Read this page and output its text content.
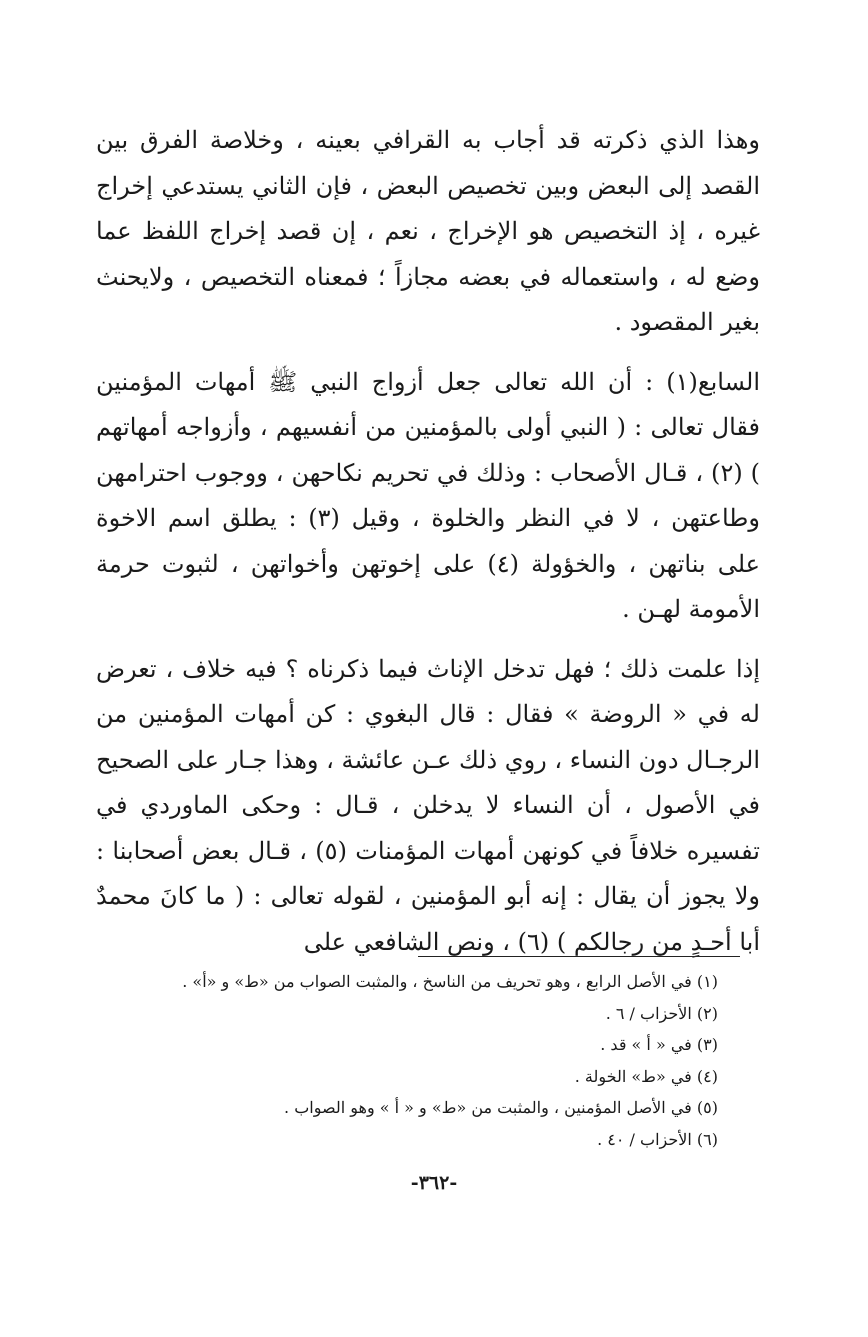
وهذا الذي ذكرته قد أجاب به القرافي بعينه ، وخلاصة الفرق بين القصد إلى البعض وبين تخصيص البعض ، فإن الثاني يستدعي إخراج غيره ، إذ التخصيص هو الإخراج ، نعم ، إن قصد إخراج اللفظ عما وضع له ، واستعماله في بعضه مجازاً ؛ فمعناه التخصيص ، ولايحنث بغير المقصود .

السابع(١) : أن الله تعالى جعل أزواج النبي ﷺ أمهات المؤمنين فقال تعالى : ( النبي أولى بالمؤمنين من أنفسيهم ، وأزواجه أمهاتهم ) (٢) ، قـال الأصحاب : وذلك في تحريم نكاحهن ، ووجوب احترامهن وطاعتهن ، لا في النظر والخلوة ، وقيل (٣) : يطلق اسم الاخوة على بناتهن ، والخؤولة (٤) على إخوتهن وأخواتهن ، لثبوت حرمة الأمومة لهـن .

إذا علمت ذلك ؛ فهل تدخل الإناث فيما ذكرناه ؟ فيه خلاف ، تعرض له في « الروضة » فقال : قال البغوي : كن أمهات المؤمنين من الرجـال دون النساء ، روي ذلك عـن عائشة ، وهذا جـار على الصحيح في الأصول ، أن النساء لا يدخلن ، قـال : وحكى الماوردي في تفسيره خلافاً في كونهن أمهات المؤمنات (٥) ، قـال بعض أصحابنا : ولا يجوز أن يقال : إنه أبو المؤمنين ، لقوله تعالى : ( ما كانَ محمدٌ أبا أحـدٍ من رجالكم ) (٦) ، ونص الشافعي على

(١) في الأصل الرابع ، وهو تحريف من الناسخ ، والمثبت الصواب من «ط» و «أ» .
(٢) الأحزاب / ٦ .
(٣) في « أ » قد .
(٤) في «ط» الخولة .
(٥) في الأصل المؤمنين ، والمثبت من «ط» و « أ » وهو الصواب .
(٦) الأحزاب / ٤٠ .
-٣٦٢-
